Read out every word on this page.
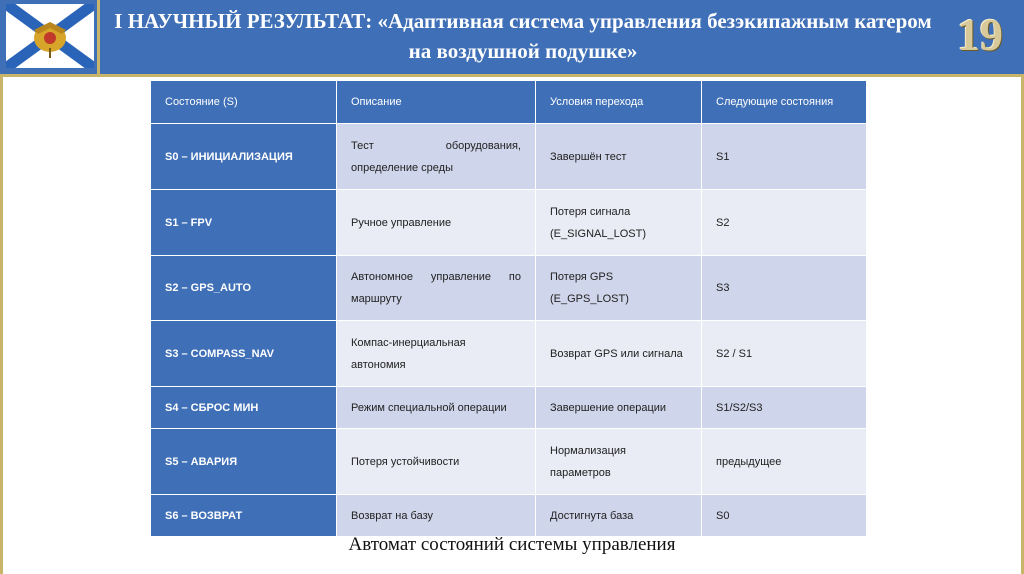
I НАУЧНЫЙ РЕЗУЛЬТАТ: «Адаптивная система управления безэкипажным катером на воздушной подушке»	19
Состояние (S)	Описание	Условия перехода	Следующие состояния
S0 – ИНИЦИАЛИЗАЦИЯ	Тест оборудования, определение среды	Завершён тест	S1
S1 – FPV	Ручное управление	Потеря сигнала (E_SIGNAL_LOST)	S2
S2 – GPS_AUTO	Автономное управление по маршруту	Потеря GPS (E_GPS_LOST)	S3
S3 – COMPASS_NAV	Компас-инерциальная автономия	Возврат GPS или сигнала	S2 / S1
S4 – СБРОС МИН	Режим специальной операции	Завершение операции	S1/S2/S3
S5 – АВАРИЯ	Потеря устойчивости	Нормализация параметров	предыдущее
S6 – ВОЗВРАТ	Возврат на базу	Достигнута база	S0
Автомат состояний системы управления
